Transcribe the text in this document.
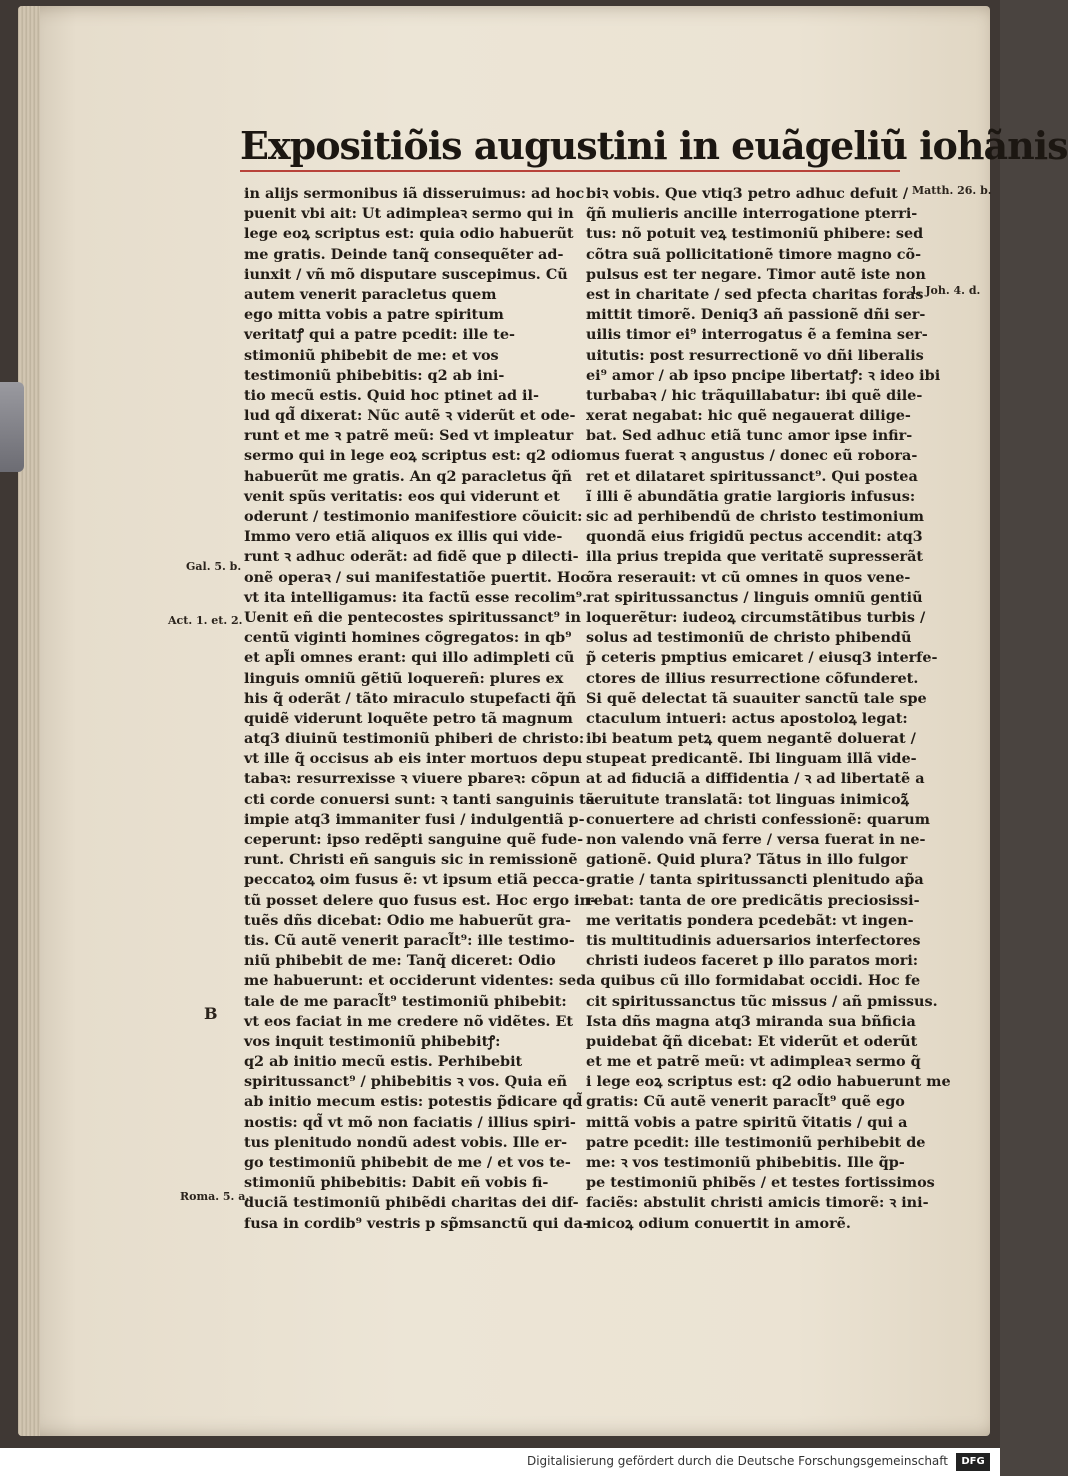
Expositiõis augustini in euãgeliũ iohãnis
in alijs sermonibus iã disseruimus: ad hoc
puenit vbi ait: Ut adimpleaꝛ sermo qui in
lege eoꝝ scriptus est: quia odio habuerũt
me gratis. Deinde tanq̃ consequẽter ad-
iunxit / vñ mõ disputare suscepimus. Cũ
autem venerit paracletus quem
ego mitta vobis a patre spiritum
veritatꝭ qui a patre pcedit: ille te-
stimoniũ phibebit de me: et vos
testimoniũ phibebitis: q2 ab ini-
tio mecũ estis. Quid hoc ptinet ad il-
lud qd̃ dixerat: Nũc autẽ ꝛ viderũt et ode-
runt et me ꝛ patrẽ meũ: Sed vt impleatur
sermo qui in lege eoꝝ scriptus est: q2 odio
habuerũt me gratis. An q2 paracletus q̃ñ
venit spũs veritatis: eos qui viderunt et
oderunt / testimonio manifestiore cõuicit:
Immo vero etiã aliquos ex illis qui vide-
runt ꝛ adhuc oderãt: ad fidẽ que p dilecti-
onẽ operaꝛ / sui manifestatiõe puertit. Hoc
vt ita intelligamus: ita factũ esse recolim⁹.
Uenit eñ die pentecostes spiritussanct⁹ in
centũ viginti homines cõgregatos: in qb⁹
et apl̃i omnes erant: qui illo adimpleti cũ
linguis omniũ gẽtiũ loquereñ: plures ex
his q̃ oderãt / tãto miraculo stupefacti q̃ñ
quidẽ viderunt loquẽte petro tã magnum
atq3 diuinũ testimoniũ phiberi de christo:
vt ille q̃ occisus ab eis inter mortuos depu
tabaꝛ: resurrexisse ꝛ viuere pbareꝛ: cõpun
cti corde conuersi sunt: ꝛ tanti sanguinis tã
impie atq3 immaniter fusi / indulgentiã p-
ceperunt: ipso redẽpti sanguine quẽ fude-
runt. Christi eñ sanguis sic in remissionẽ
peccatoꝝ oim fusus ẽ: vt ipsum etiã pecca-
tũ posset delere quo fusus est. Hoc ergo in-
tuẽs dñs dicebat: Odio me habuerũt gra-
tis. Cũ autẽ venerit paracl̃t⁹: ille testimo-
niũ phibebit de me: Tanq̃ diceret: Odio
me habuerunt: et occiderunt videntes: sed
tale de me paracl̃t⁹ testimoniũ phibebit:
vt eos faciat in me credere nõ vidẽtes. Et
vos inquit testimoniũ phibebitꝭ:
q2 ab initio mecũ estis. Perhibebit
spiritussanct⁹ / phibebitis ꝛ vos. Quia eñ
ab initio mecum estis: potestis p̃dicare qd̃
nostis: qd̃ vt mõ non faciatis / illius spiri-
tus plenitudo nondũ adest vobis. Ille er-
go testimoniũ phibebit de me / et vos te-
stimoniũ phibebitis: Dabit eñ vobis fi-
duciã testimoniũ phibẽdi charitas dei dif-
fusa in cordib⁹ vestris p sp̃msanctũ qui da-
biꝛ vobis. Que vtiq3 petro adhuc defuit /
q̃ñ mulieris ancille interrogatione pterri-
tus: nõ potuit veꝝ testimoniũ phibere: sed
cõtra suã pollicitationẽ timore magno cõ-
pulsus est ter negare. Timor autẽ iste non
est in charitate / sed pfecta charitas foras
mittit timorẽ. Deniq3 añ passionẽ dñi ser-
uilis timor ei⁹ interrogatus ẽ a femina ser-
uitutis: post resurrectionẽ vo dñi liberalis
ei⁹ amor / ab ipso pncipe libertatꝭ: ꝛ ideo ibi
turbabaꝛ / hic trãquillabatur: ibi quẽ dile-
xerat negabat: hic quẽ negauerat dilige-
bat. Sed adhuc etiã tunc amor ipse infir-
mus fuerat ꝛ angustus / donec eũ robora-
ret et dilataret spiritussanct⁹. Qui postea
ĩ illi ẽ abundãtia gratie largioris infusus:
sic ad perhibendũ de christo testimonium
quondã eius frigidũ pectus accendit: atq3
illa prius trepida que veritatẽ supresserãt
õra reserauit: vt cũ omnes in quos vene-
rat spiritussanctus / linguis omniũ gentiũ
loquerẽtur: iudeoꝝ circumstãtibus turbis /
solus ad testimoniũ de christo phibendũ
p̃ ceteris pmptius emicaret / eiusq3 interfe-
ctores de illius resurrectione cõfunderet.
Si quẽ delectat tã suauiter sanctũ tale spe
ctaculum intueri: actus apostoloꝝ legat:
ibi beatum petꝝ quem negantẽ doluerat /
stupeat predicantẽ. Ibi linguam illã vide-
at ad fiduciã a diffidentia / ꝛ ad libertatẽ a
seruitute translatã: tot linguas inimicoꝝ̃
conuertere ad christi confessionẽ: quarum
non valendo vnã ferre / versa fuerat in ne-
gationẽ. Quid plura? Tãtus in illo fulgor
gratie / tanta spiritussancti plenitudo ap̃a
rebat: tanta de ore predicãtis preciosissi-
me veritatis pondera pcedebãt: vt ingen-
tis multitudinis aduersarios interfectores
christi iudeos faceret p illo paratos mori:
a quibus cũ illo formidabat occidi. Hoc fe
cit spiritussanctus tũc missus / añ pmissus.
Ista dñs magna atq3 miranda sua bñficia
puidebat q̃ñ dicebat: Et viderũt et oderũt
et me et patrẽ meũ: vt adimpleaꝛ sermo q̃
i lege eoꝝ scriptus est: q2 odio habuerunt me
gratis: Cũ autẽ venerit paracl̃t⁹ quẽ ego
mittã vobis a patre spiritũ ṽitatis / qui a
patre pcedit: ille testimoniũ perhibebit de
me: ꝛ vos testimoniũ phibebitis. Ille q̃p-
pe testimoniũ phibẽs / et testes fortissimos
faciẽs: abstulit christi amicis timorẽ: ꝛ ini-
micoꝝ odium conuertit in amorẽ.
Gal. 5. b.
Act. 1. et. 2.
B
Roma. 5. a.
Matth. 26. b.
1. Joh. 4. d.
Digitalisierung gefördert durch die Deutsche Forschungsgemeinschaft	DFG
